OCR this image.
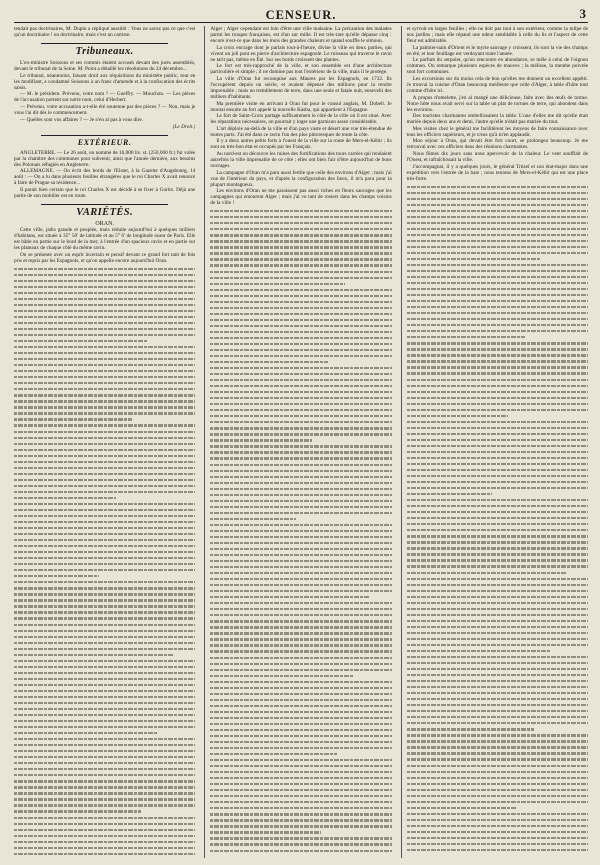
CENSEUR.	3

tendait pas doctrinaires, M. Dupin a répliqué aussitôt : Vous ne savez pas ce que c'est qu'un doctrinaire ! un doctrinaire, mais c'est un cartiste.

Tribuneaux.

L'ex-ministre Soissons et ses commis étaient accusés devant des jurés assemblés, devant le tribunal de la Seine. M. Point a détaillé les résolutions du 24 décembre...

Le tribunal, néanmoins, faisant droit aux réquisitions du ministère public, tout en les modifiant, a condamné Soissons à un franc d'amende et à la confiscation des écrits saisis.

— M. le président. Prévenu, votre nom ? — Gueffry. — Mouchon. — Les pièces de l'accusation portent sur notre nom, celui d'Herbert.

— Prévenu, votre accusation a-t-elle été soutenue par des pièces ? — Non, mais je vous l'ai dit dès le commencement.

— Quelles sont vos affaires ? — Je n'en ai pas à vous dire.

(Le Droit.)
EXTÉRIEUR.

ANGLETERRE. — Le 26 août, un nommé de 10,000 liv. st. (250,000 fr.) fut volée par la chambre des communes pour subvenir, ainsi que l'année dernière, aux besoins des Polonais réfugiés en Angleterre.

ALLEMAGNE. — On écrit des bords de l'Elster, à la Gazette d'Augsbourg, 14 août : — On a lu dans plusieurs feuilles étrangères que le roi Charles X avait renoncé à faire de Prague sa résidence...

Il parait bien certain que le roi Charles X est décidé à se fixer à Goritz. Déjà une partie de son mobilier est en route.

VARIÉTÉS.
ORAN.

Cette ville, jadis grande et peuplée, mais réduite aujourd'hui à quelques milliers d'habitans, est située à 35° 50' de latitude et au 5° 6' de longitude ouest de Paris. Elle est bâtie en partie sur le bord de la mer, à l'entrée d'un spacieux ravin et en partie sur les plateaux de chaque côté du même ravin.

On se présente avec un esprit incertain et pensif devant ce grand fort tant de fois pris et repris par les Espagnols, et qu'on appelle encore aujourd'hui Oran.

Alger ; Alger cependant est loin d'être une ville malsaine. La précaution des malades parmi les troupes françaises, est d'un sur mille. Il est très-rare qu'elle dépasse cinq : encore n'est-ce que dans les mois des grandes chaleurs et quand souffle le simoun.

La croix encrage dont je parlais tout-à-l'heure, divise la ville en deux parties, qui vivent un joli pont en pierre d'architecture espagnole. Le ruisseau qui traverse le ravin ne tarit pas, même en Été. Sur ses bords croissent des plantes.

Le fort est très-rapproché de la ville, et son ensemble est d'une architecture particulière et simple ; il ne domine pas tout l'extérieur de la ville, mais il le protège.

La ville d'Oran fut reconquise aux Maures par les Espagnols, en 1732. Ils l'occupèrent depuis un siècle, et avaient dépensé des millions pour la rendre imprenable ; mais un tremblement de terre, dans une seule et fatale nuit, ensevelit des milliers d'habitants.

Ma première visite en arrivant à Oran fut pour le consul anglais, M. Dobell. Je montai ensuite au fort appelé la nouvelle Kasba, qui appartient à l'Espagne.

Le fort de Saint-Croix partage suffisamment le côté de la ville où il est situé. Avec les réparations nécessaires, on pourrait y loger une garnison assez considérable.

L'art déploie au-delà de la ville et d'un pays vaste et désert une vue très-étendue de toutes parts. J'ai été dans ce ravin l'un des plus pittoresques de toute la côte.

Il y a deux autres petits forts à l'ouest de la ville sur la route de Mers-el-Kébir ; ils sont en très-bon état et occupés par les Français.

Au nord-est on découvre les ruines des fortifications des tours carrées qui rendaient autrefois la ville imprenable de ce côté ; elles ont bien l'air d'être aujourd'hui de bons ouvrages.

La campagne d'Oran m'a paru aussi fertile que celle des environs d'Alger ; mais j'ai vue de l'intérieur du pays, et d'après la configuration des lieux, il m'a paru pour la plupart montagneux.

Les environs d'Oran ne me paraissent pas aussi riches en fleurs sauvages que les campagnes qui entourent Alger ; mais j'ai vu tant de rosiers dans les champs voisins de la ville !

et syrvoit en larges feuilles ; elle ne doit pas tout à son extérieur, comme la tulipe de nos jardins ; mais elle répand une odeur semblable à celle du lis et l'aspect de cette fleur est admirable.

La palmier-nain d'Orient et le myrte sauvage y croissent, ils sont la vie des champs en été, et leur feuillage est verdoyant toute l'année.

Le parfum du serpolet, qu'on rencontre en abondance, se mêle à celui de l'oignon commun. On remarque plusieurs espèces de mauves ; la mélisse, la menthe poivrée sont fort communes.

Les excursions sur du moins cela de bon qu'elles me donnent un excellent appétit. Je trouvai la cuisine d'Oran beaucoup meilleure que celle d'Alger, à table d'hôte tout comme d'hôte ici.

A propos d'omelette, j'en ai mangé une délicieuse, faite avec des œufs de tortue. Notre hôte nous avait servi sur la table un plat de tortues de terre, qui abondent dans les environs.

Des touristes charmantes embellissaient la table. L'une d'elles me dit qu'elle était mariée depuis deux ans et demi, l'autre qu'elle n'était pas mariée du tout.

Mes visites chez le général me facilitèrent les moyens de faire connaissance avec tous les officiers supérieurs, et je n'eus qu'à m'en applaudir.

Mon séjour à Oran, qui devait être fort court, se prolongea beaucoup. Je me retrouvai avec ces officiers dans des réunions charmantes.

Nous fûmes dix jours sans nous apercevoir de la chaleur. Le vent soufflait de l'Ouest, et rafraîchissait la ville.

J'accompagnai, il y a quelques jours, le général Trézel et son état-major dans une expédition vers l'entrée de la baie ; nous tenions de Mers-el-Kébir qui est une place très-forte.
